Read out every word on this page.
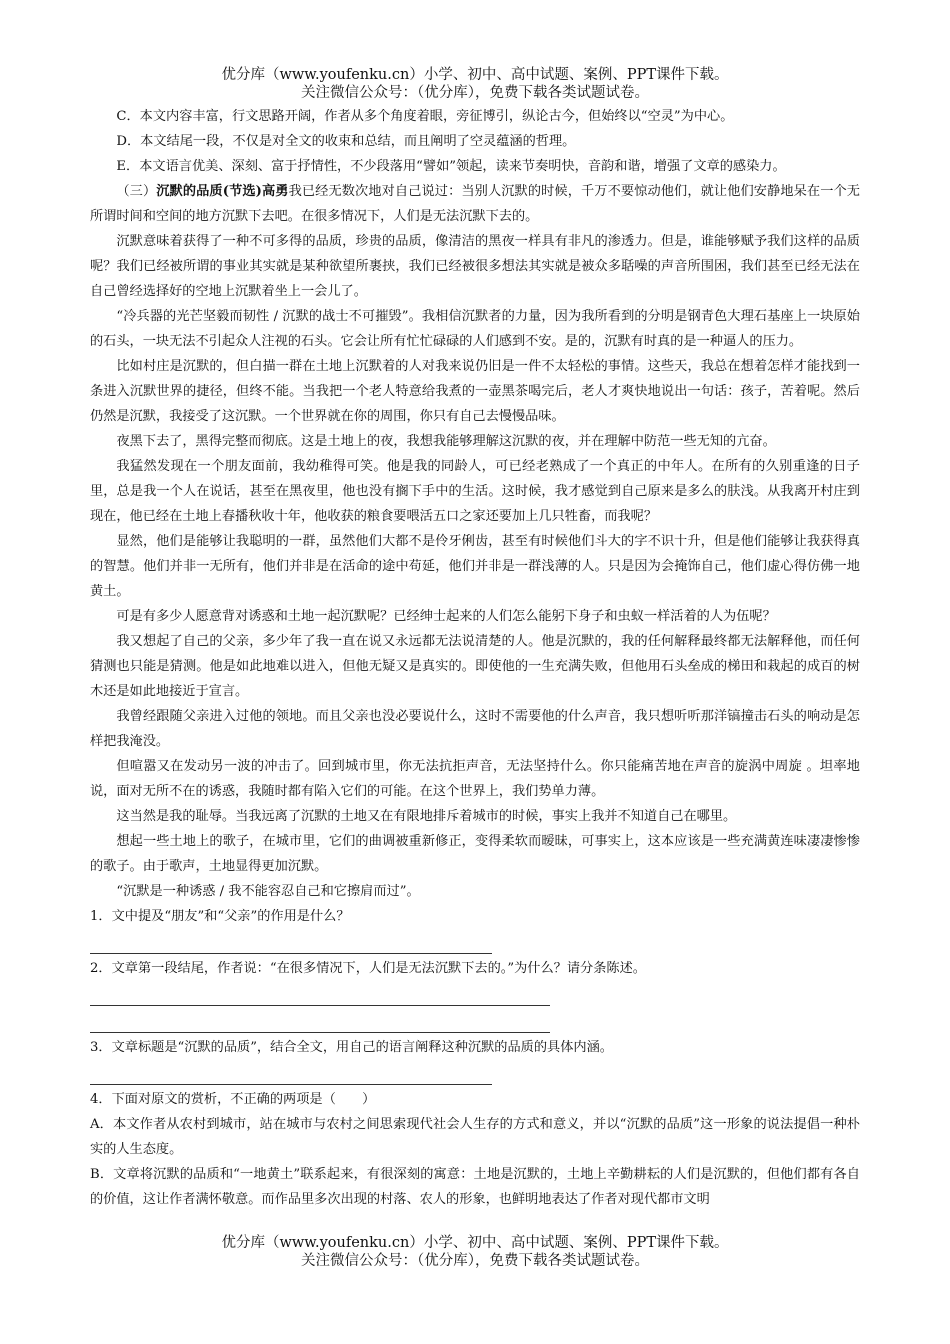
优分库（www.youfenku.cn）小学、初中、高中试题、案例、PPT课件下载。
关注微信公众号：（优分库），免费下载各类试题试卷。

C．本文内容丰富，行文思路开阔，作者从多个角度着眼，旁征博引，纵论古今，但始终以“空灵”为中心。

D．本文结尾一段，不仅是对全文的收束和总结，而且阐明了空灵蕴涵的哲理。

E．本文语言优美、深刻、富于抒情性，不少段落用“譬如”领起，读来节奏明快，音韵和谐，增强了文章的感染力。

（三）沉默的品质(节选)高勇我已经无数次地对自己说过：当别人沉默的时候，千万不要惊动他们，就让他们安静地呆在一个无所谓时间和空间的地方沉默下去吧。在很多情况下，人们是无法沉默下去的。

沉默意味着获得了一种不可多得的品质，珍贵的品质，像清洁的黑夜一样具有非凡的渗透力。但是，谁能够赋予我们这样的品质呢？我们已经被所谓的事业其实就是某种欲望所裹挟，我们已经被很多想法其实就是被众多聒噪的声音所围困，我们甚至已经无法在自己曾经选择好的空地上沉默着坐上一会儿了。

“冷兵器的光芒坚毅而韧性 / 沉默的战士不可摧毁”。我相信沉默者的力量，因为我所看到的分明是钢青色大理石基座上一块原始的石头，一块无法不引起众人注视的石头。它会让所有忙忙碌碌的人们感到不安。是的，沉默有时真的是一种逼人的压力。

比如村庄是沉默的，但白描一群在土地上沉默着的人对我来说仍旧是一件不太轻松的事情。这些天，我总在想着怎样才能找到一条进入沉默世界的捷径，但终不能。当我把一个老人特意给我煮的一壶黑茶喝完后，老人才爽快地说出一句话：孩子，苦着呢。然后仍然是沉默，我接受了这沉默。一个世界就在你的周围，你只有自己去慢慢品味。

夜黑下去了，黑得完整而彻底。这是土地上的夜，我想我能够理解这沉默的夜，并在理解中防范一些无知的亢奋。

我猛然发现在一个朋友面前，我幼稚得可笑。他是我的同龄人，可已经老熟成了一个真正的中年人。在所有的久别重逢的日子里，总是我一个人在说话，甚至在黑夜里，他也没有搁下手中的生活。这时候，我才感觉到自己原来是多么的肤浅。从我离开村庄到现在，他已经在土地上春播秋收十年，他收获的粮食要喂活五口之家还要加上几只牲畜，而我呢？

显然，他们是能够让我聪明的一群，虽然他们大都不是伶牙俐齿，甚至有时候他们斗大的字不识十升，但是他们能够让我获得真的智慧。他们并非一无所有，他们并非是在活命的途中苟延，他们并非是一群浅薄的人。只是因为会掩饰自己，他们虚心得仿佛一地黄土。

可是有多少人愿意背对诱惑和土地一起沉默呢？已经绅士起来的人们怎么能躬下身子和虫蚁一样活着的人为伍呢？

我又想起了自己的父亲，多少年了我一直在说又永远都无法说清楚的人。他是沉默的，我的任何解释最终都无法解释他，而任何猜测也只能是猜测。他是如此地难以进入，但他无疑又是真实的。即使他的一生充满失败，但他用石头垒成的梯田和栽起的成百的树木还是如此地接近于宣言。

我曾经跟随父亲进入过他的领地。而且父亲也没必要说什么，这时不需要他的什么声音，我只想听听那洋镐撞击石头的响动是怎样把我淹没。

但喧嚣又在发动另一波的冲击了。回到城市里，你无法抗拒声音，无法坚持什么。你只能痛苦地在声音的旋涡中周旋 。坦率地说，面对无所不在的诱惑，我随时都有陷入它们的可能。在这个世界上，我们势单力薄。

这当然是我的耻辱。当我远离了沉默的土地又在有限地排斥着城市的时候，事实上我并不知道自己在哪里。

想起一些土地上的歌子，在城市里，它们的曲调被重新修正，变得柔软而暧昧，可事实上，这本应该是一些充满黄连味凄凄惨惨的歌子。由于歌声，土地显得更加沉默。

“沉默是一种诱惑 / 我不能容忍自己和它擦肩而过”。

1．文中提及“朋友”和“父亲”的作用是什么？

2．文章第一段结尾，作者说：“在很多情况下，人们是无法沉默下去的。”为什么？请分条陈述。

3．文章标题是“沉默的品质”，结合全文，用自己的语言阐释这种沉默的品质的具体内涵。

4．下面对原文的赏析，不正确的两项是（　　）

A．本文作者从农村到城市，站在城市与农村之间思索现代社会人生存的方式和意义，并以“沉默的品质”这一形象的说法提倡一种朴实的人生态度。

B．文章将沉默的品质和“一地黄土”联系起来，有很深刻的寓意：土地是沉默的，土地上辛勤耕耘的人们是沉默的，但他们都有各自的价值，这让作者满怀敬意。而作品里多次出现的村落、农人的形象，也鲜明地表达了作者对现代都市文明

优分库（www.youfenku.cn）小学、初中、高中试题、案例、PPT课件下载。
关注微信公众号：（优分库），免费下载各类试题试卷。
